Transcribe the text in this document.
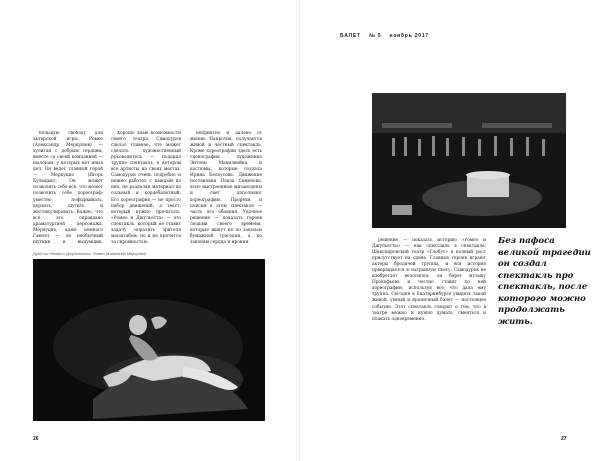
большую свободу для актерской игры. Ромео (Александр Меркушев) — хулиган с добрым сердцем, вместе со своей компанией — шалопаи, у которых нет иных дел. Он ведет главный герой — Меркуцио (Игорь Булыцын). Он может позволить себе все, что может позволить себе хореограф: уместно пофыркивать, дерзить, шутить и жестикулировать. Важно, что все это оправдано драматургией персонажа. Меркуцио, даже немного Гамлет — он необычный шутник и выдумщик,

Хорошо знаю возможности своего театра, Самодуров сделал главное, что может сделать художественный руководитель — подарил труппе спектакль, в котором все артисты на своих местах. Самодуров очень подробно и нежно работал с каждым из них, не разделяя материал на сольный и кордебалетный. Его хореография — не просто набор движений, а текст, который нужно прочитать. «Ромео и Джульетта» — это спектакль, который не ставит задачу поразить зрителя масштабом, но и не прячется за скромностью.

неприятно и далеко от жизни. Напротив, получается живой и честный спектакль. Кроме хореографии здесь есть сценография художника Энтони Макилвейна и костюмы, которые создала Ирина Белоусова. Движение постановки Павла Семенова, ясно выстроенные мизансцены и свет дополняют хореографию. Прорехи и поиски в этом спектакле — часть его обаяния. Удачное решение — показать героев людьми своего времени, которые живут не по законам бумажной трагедии, а по законам сердца и иронии.

Дуэт из «Ромео и Джульетты». Ромео (Александр Меркушев)
26
БАЛЕТ № 5 ноябрь 2017

решение — показать историю «Ромео и Джульетты» — как спектакль в спектакле. Шекспировский театр «Глобус» в полный рост присутствует на сцене. Главных героев играют актеры бродячей труппы, и вся история превращается в сыгранную пьесу. Самодуров не изобретает велосипед: он берет музыку Прокофьева и честно ставит по ней хореографию, используя все, что дала ему труппа. Сегодня в Екатеринбурге увидеть такой живой, умный и ироничный балет — настоящее событие. Этот спектакль говорит о том, что в театре можно и нужно думать, смеяться и плакать одновременно.

Без пафоса великой трагедии он создал спектакль про спектакль, после которого можно продолжать жить.
27
